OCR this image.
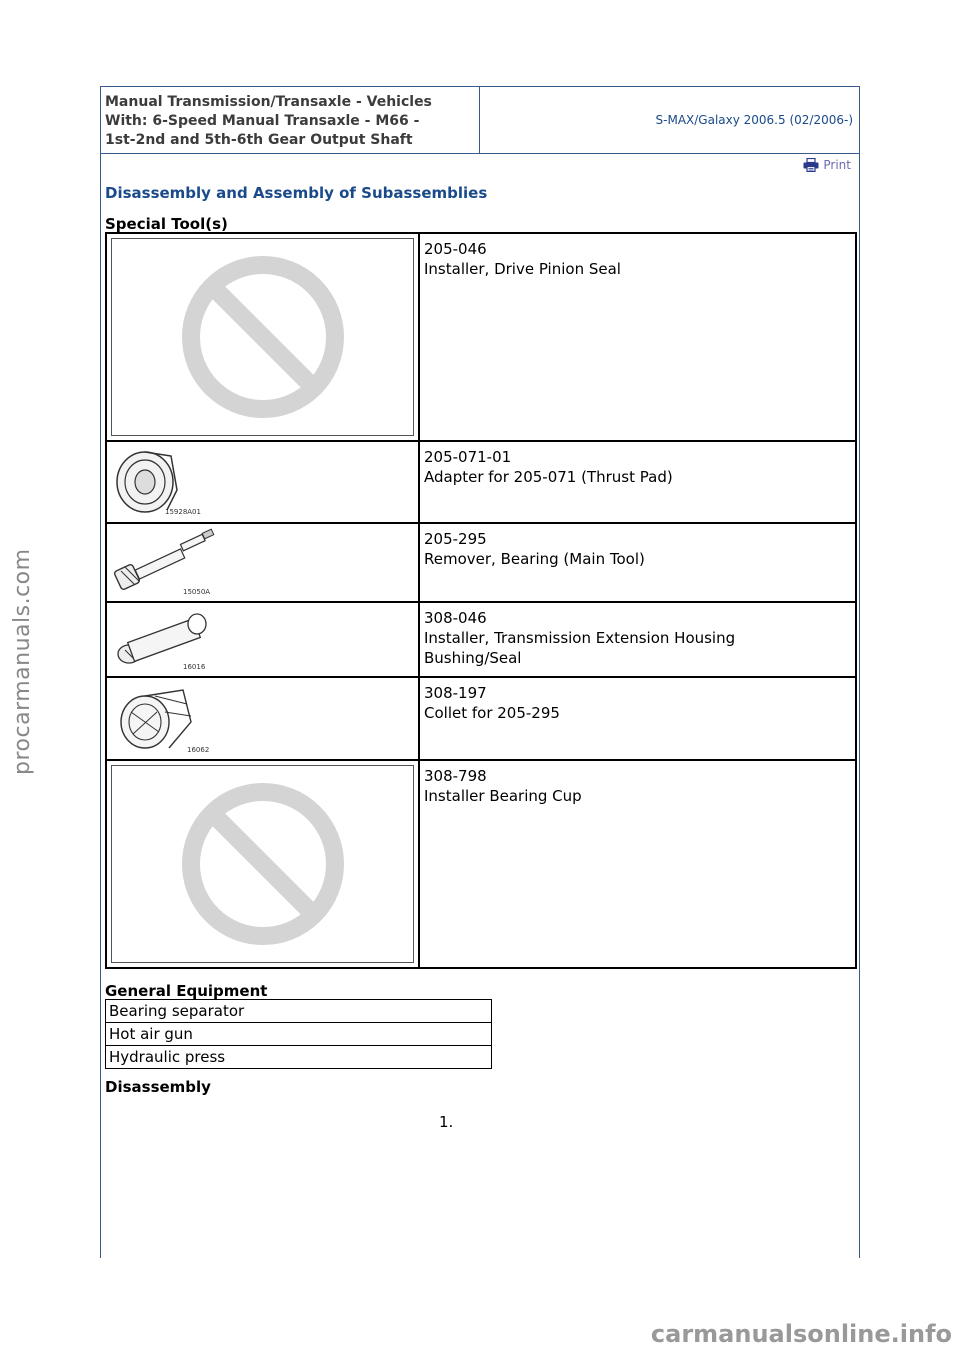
Manual Transmission/Transaxle - Vehicles
With: 6-Speed Manual Transaxle - M66 -
1st-2nd and 5th-6th Gear Output Shaft
S-MAX/Galaxy 2006.5 (02/2006-)
Print
Disassembly and Assembly of Subassemblies
Special Tool(s)

205-046
Installer, Drive Pinion Seal

15928A01	205-071-01
Adapter for 205-071 (Thrust Pad)

15050A	205-295
Remover, Bearing (Main Tool)

16016	308-046
Installer, Transmission Extension Housing
Bushing/Seal

16062	308-197
Collet for 205-295

308-798
Installer Bearing Cup
General Equipment
Bearing separator
Hot air gun
Hydraulic press
Disassembly
1.
procarmanuals.com
carmanualsonline.info
